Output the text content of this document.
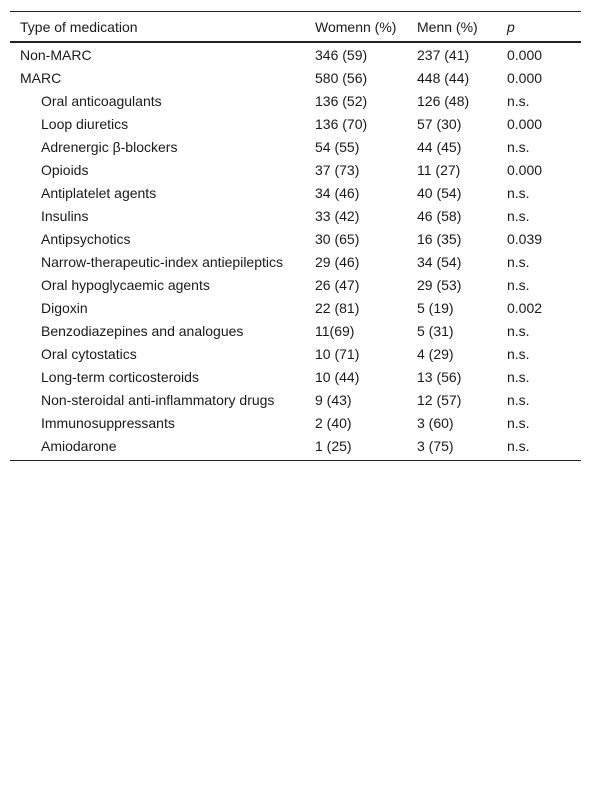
Type of medication	Womenn (%)	Menn (%)	p
Non-MARC	346 (59)	237 (41)	0.000
MARC	580 (56)	448 (44)	0.000
Oral anticoagulants	136 (52)	126 (48)	n.s.
Loop diuretics	136 (70)	57 (30)	0.000
Adrenergic β-blockers	54 (55)	44 (45)	n.s.
Opioids	37 (73)	11 (27)	0.000
Antiplatelet agents	34 (46)	40 (54)	n.s.
Insulins	33 (42)	46 (58)	n.s.
Antipsychotics	30 (65)	16 (35)	0.039
Narrow-therapeutic-index antiepileptics	29 (46)	34 (54)	n.s.
Oral hypoglycaemic agents	26 (47)	29 (53)	n.s.
Digoxin	22 (81)	5 (19)	0.002
Benzodiazepines and analogues	11(69)	5 (31)	n.s.
Oral cytostatics	10 (71)	4 (29)	n.s.
Long-term corticosteroids	10 (44)	13 (56)	n.s.
Non-steroidal anti-inflammatory drugs	9 (43)	12 (57)	n.s.
Immunosuppressants	2 (40)	3 (60)	n.s.
Amiodarone	1 (25)	3 (75)	n.s.
